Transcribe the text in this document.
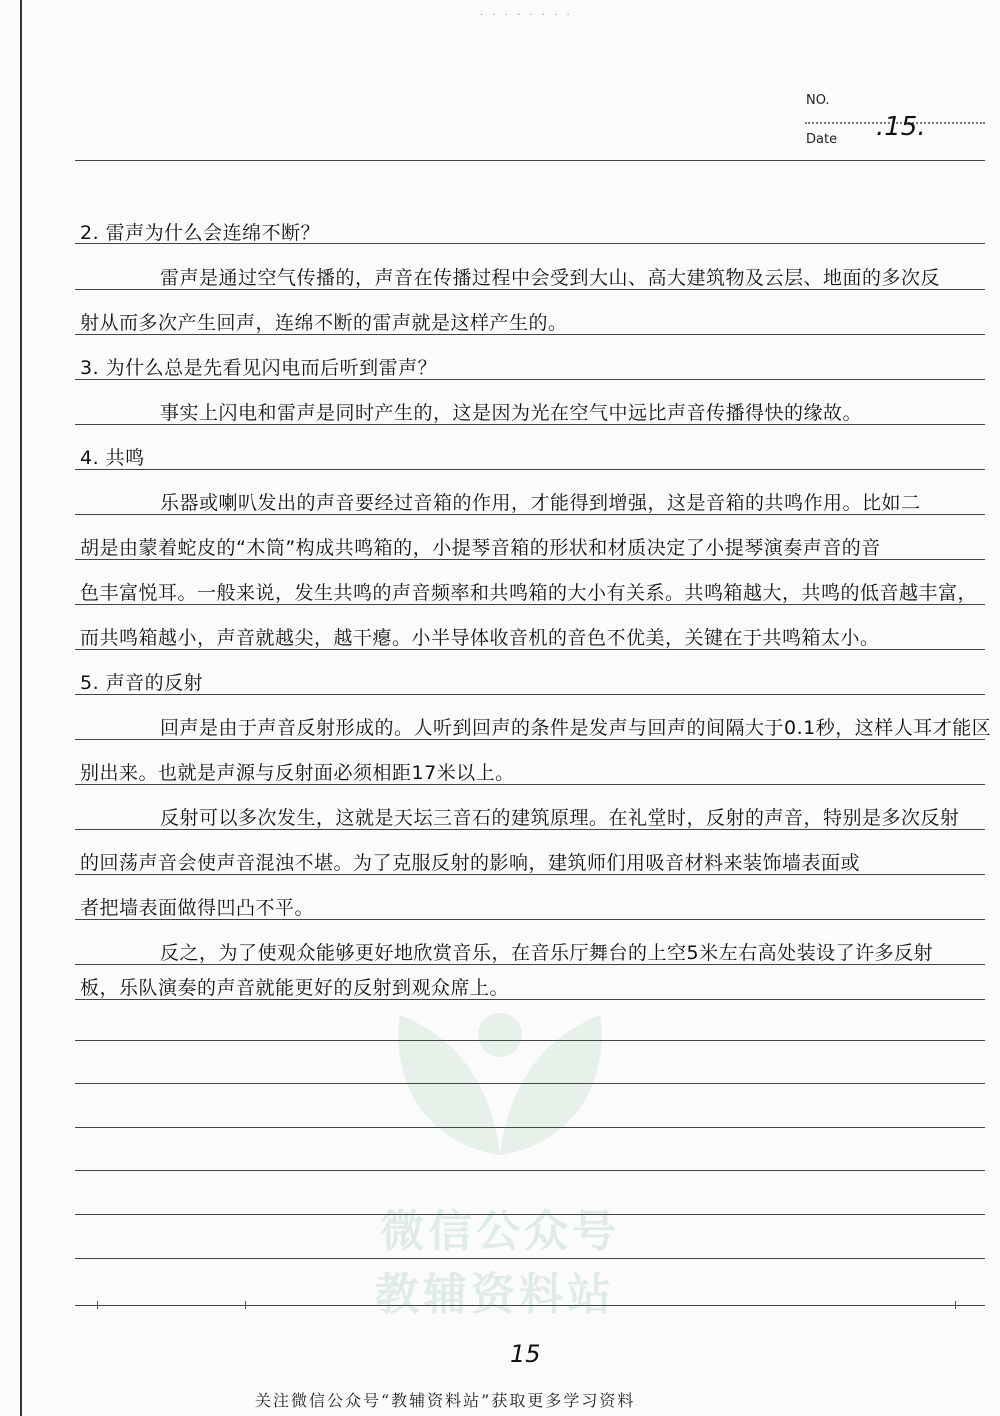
· · · · · · · ·
NO.
.15.
Date
微信公众号
教辅资料站
2. 雷声为什么会连绵不断？
雷声是通过空气传播的，声音在传播过程中会受到大山、高大建筑物及云层、地面的多次反
射从而多次产生回声，连绵不断的雷声就是这样产生的。
3. 为什么总是先看见闪电而后听到雷声？
事实上闪电和雷声是同时产生的，这是因为光在空气中远比声音传播得快的缘故。
4. 共鸣
乐器或喇叭发出的声音要经过音箱的作用，才能得到增强，这是音箱的共鸣作用。比如二
胡是由蒙着蛇皮的“木筒”构成共鸣箱的，小提琴音箱的形状和材质决定了小提琴演奏声音的音
色丰富悦耳。一般来说，发生共鸣的声音频率和共鸣箱的大小有关系。共鸣箱越大，共鸣的低音越丰富，
而共鸣箱越小，声音就越尖，越干瘪。小半导体收音机的音色不优美，关键在于共鸣箱太小。
5. 声音的反射
回声是由于声音反射形成的。人听到回声的条件是发声与回声的间隔大于0.1秒，这样人耳才能区
别出来。也就是声源与反射面必须相距17米以上。
反射可以多次发生，这就是天坛三音石的建筑原理。在礼堂时，反射的声音，特别是多次反射
的回荡声音会使声音混浊不堪。为了克服反射的影响，建筑师们用吸音材料来装饰墙表面或
者把墙表面做得凹凸不平。
反之，为了使观众能够更好地欣赏音乐，在音乐厅舞台的上空5米左右高处装设了许多反射
板，乐队演奏的声音就能更好的反射到观众席上。
15
关注微信公众号“教辅资料站”获取更多学习资料
